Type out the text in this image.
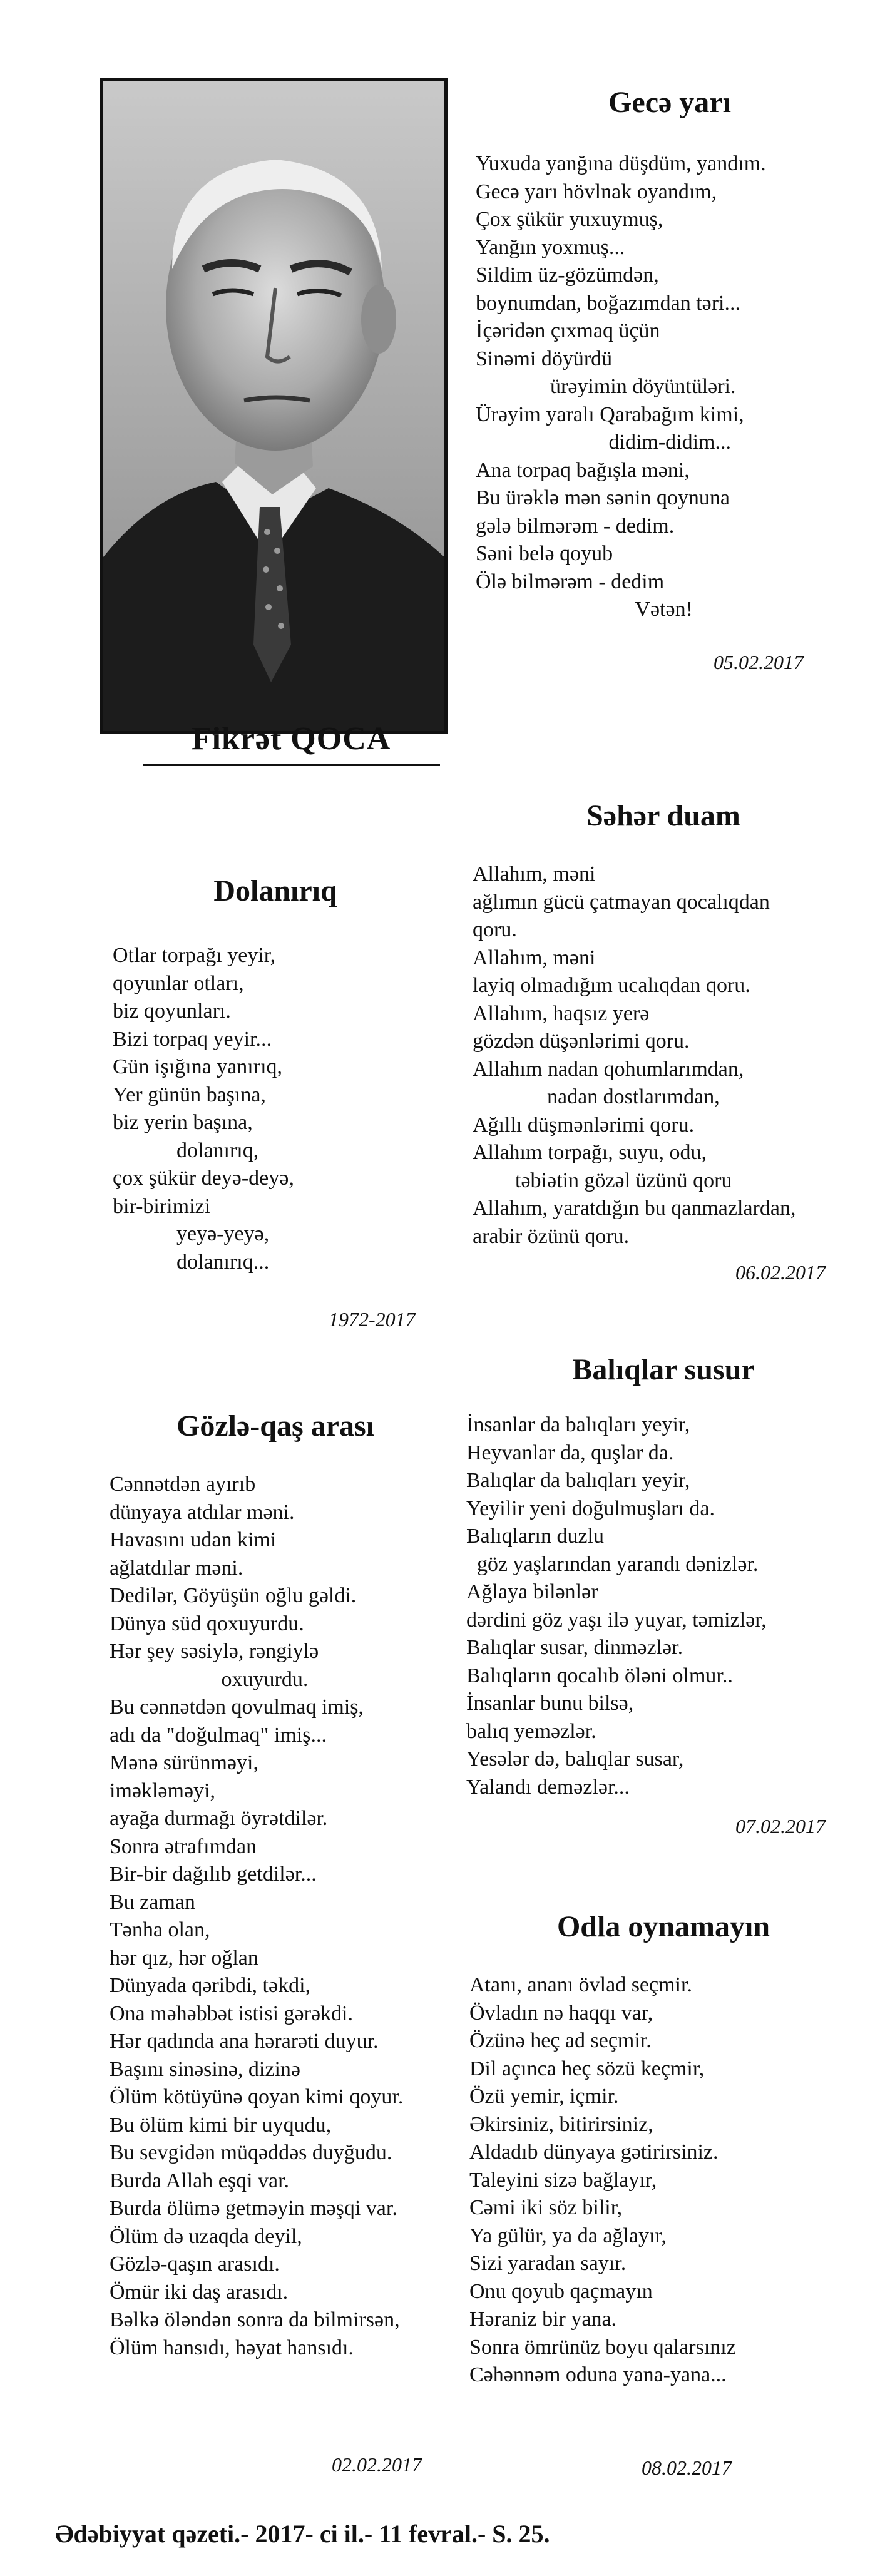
Fikrət QOCA
Gecə yarı
Yuxuda yanğına düşdüm, yandım.
Gecə yarı hövlnak oyandım,
Çox şükür yuxuymuş,
Yanğın yoxmuş...
Sildim üz-gözümdən,
boynumdan, boğazımdan təri...
İçəridən çıxmaq üçün
Sinəmi döyürdü
ürəyimin döyüntüləri.
Ürəyim yaralı Qarabağım kimi,
didim-didim...
Ana torpaq bağışla məni,
Bu ürəklə mən sənin qoynuna
gələ bilmərəm - dedim.
Səni belə qoyub
Ölə bilmərəm - dedim
Vətən!
05.02.2017
Səhər duam
Allahım, məni
ağlımın gücü çatmayan qocalıqdan
qoru.
Allahım, məni
layiq olmadığım ucalıqdan qoru.
Allahım, haqsız yerə
gözdən düşənlərimi qoru.
Allahım nadan qohumlarımdan,
nadan dostlarımdan,
Ağıllı düşmənlərimi qoru.
Allahım torpağı, suyu, odu,
təbiətin gözəl üzünü qoru
Allahım, yaratdığın bu qanmazlardan,
arabir özünü qoru.
06.02.2017
Dolanırıq
Otlar torpağı yeyir,
qoyunlar otları,
biz qoyunları.
Bizi torpaq yeyir...
Gün işığına yanırıq,
Yer günün başına,
biz yerin başına,
dolanırıq,
çox şükür deyə-deyə,
bir-birimizi
yeyə-yeyə,
dolanırıq...
1972-2017
Balıqlar susur
İnsanlar da balıqları yeyir,
Heyvanlar da, quşlar da.
Balıqlar da balıqları yeyir,
Yeyilir yeni doğulmuşları da.
Balıqların duzlu
göz yaşlarından yarandı dənizlər.
Ağlaya bilənlər
dərdini göz yaşı ilə yuyar, təmizlər,
Balıqlar susar, dinməzlər.
Balıqların qocalıb öləni olmur..
İnsanlar bunu bilsə,
balıq yeməzlər.
Yesələr də, balıqlar susar,
Yalandı deməzlər...
07.02.2017
Gözlə-qaş arası
Cənnətdən ayırıb
dünyaya atdılar məni.
Havasını udan kimi
ağlatdılar məni.
Dedilər, Göyüşün oğlu gəldi.
Dünya süd qoxuyurdu.
Hər şey səsiylə, rəngiylə
oxuyurdu.
Bu cənnətdən qovulmaq imiş,
adı da "doğulmaq" imiş...
Mənə sürünməyi,
iməkləməyi,
ayağa durmağı öyrətdilər.
Sonra ətrafımdan
Bir-bir dağılıb getdilər...
Bu zaman
Tənha olan,
hər qız, hər oğlan
Dünyada qəribdi, təkdi,
Ona məhəbbət istisi gərəkdi.
Hər qadında ana hərarəti duyur.
Başını sinəsinə, dizinə
Ölüm kötüyünə qoyan kimi qoyur.
Bu ölüm kimi bir uyqudu,
Bu sevgidən müqəddəs duyğudu.
Burda Allah eşqi var.
Burda ölümə getməyin məşqi var.
Ölüm də uzaqda deyil,
Gözlə-qaşın arasıdı.
Ömür iki daş arasıdı.
Bəlkə öləndən sonra da bilmirsən,
Ölüm hansıdı, həyat hansıdı.
02.02.2017
Odla oynamayın
Atanı, ananı övlad seçmir.
Övladın nə haqqı var,
Özünə heç ad seçmir.
Dil açınca heç sözü keçmir,
Özü yemir, içmir.
Əkirsiniz, bitirirsiniz,
Aldadıb dünyaya gətirirsiniz.
Taleyini sizə bağlayır,
Cəmi iki söz bilir,
Ya gülür, ya da ağlayır,
Sizi yaradan sayır.
Onu qoyub qaçmayın
Həraniz bir yana.
Sonra ömrünüz boyu qalarsınız
Cəhənnəm oduna yana-yana...
08.02.2017
Ədəbiyyat qəzeti.- 2017- ci il.- 11 fevral.- S. 25.
